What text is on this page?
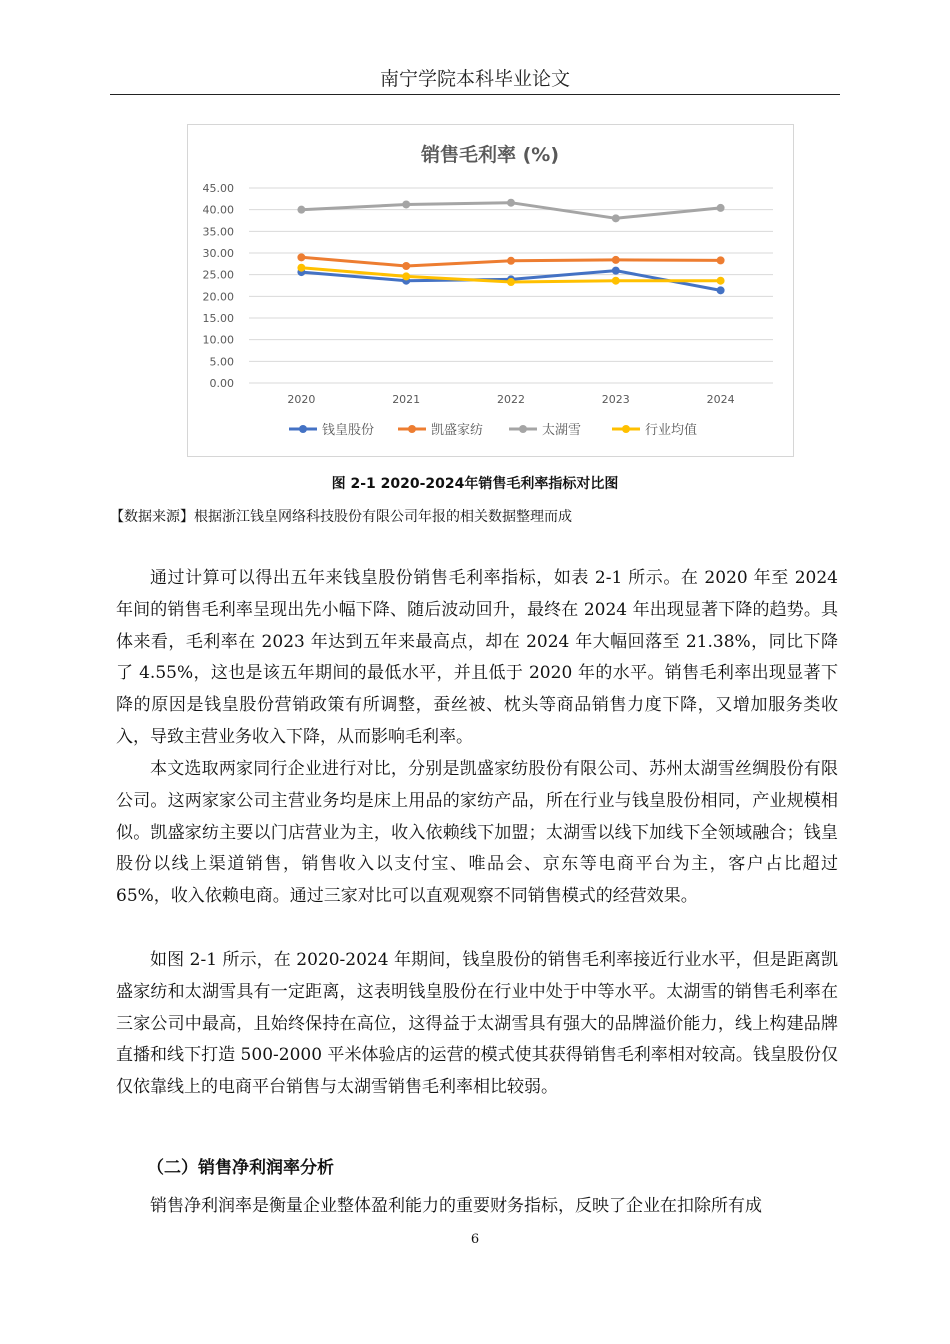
南宁学院本科毕业论文
销售毛利率 (%)
0.00
5.00
10.00
15.00
20.00
25.00
30.00
35.00
40.00
45.00
2020	2021	2022	2023	2024
钱皇股份	凯盛家纺	太湖雪	行业均值
图 2-1 2020-2024年销售毛利率指标对比图
【数据来源】根据浙江钱皇网络科技股份有限公司年报的相关数据整理而成

通过计算可以得出五年来钱皇股份销售毛利率指标，如表 2-1 所示。在 2020 年至 2024 年间的销售毛利率呈现出先小幅下降、随后波动回升，最终在 2024 年出现显著下降的趋势。具体来看，毛利率在 2023 年达到五年来最高点，却在 2024 年大幅回落至 21.38%，同比下降了 4.55%，这也是该五年期间的最低水平，并且低于 2020 年的水平。销售毛利率出现显著下降的原因是钱皇股份营销政策有所调整，蚕丝被、枕头等商品销售力度下降，又增加服务类收入，导致主营业务收入下降，从而影响毛利率。

本文选取两家同行企业进行对比，分别是凯盛家纺股份有限公司、苏州太湖雪丝绸股份有限公司。这两家家公司主营业务均是床上用品的家纺产品，所在行业与钱皇股份相同，产业规模相似。凯盛家纺主要以门店营业为主，收入依赖线下加盟；太湖雪以线下加线下全领域融合；钱皇股份以线上渠道销售，销售收入以支付宝、唯品会、京东等电商平台为主，客户占比超过 65%，收入依赖电商。通过三家对比可以直观观察不同销售模式的经营效果。

如图 2-1 所示，在 2020-2024 年期间，钱皇股份的销售毛利率接近行业水平，但是距离凯盛家纺和太湖雪具有一定距离，这表明钱皇股份在行业中处于中等水平。太湖雪的销售毛利率在三家公司中最高，且始终保持在高位，这得益于太湖雪具有强大的品牌溢价能力，线上构建品牌直播和线下打造 500-2000 平米体验店的运营的模式使其获得销售毛利率相对较高。钱皇股份仅仅依靠线上的电商平台销售与太湖雪销售毛利率相比较弱。

（二）销售净利润率分析

销售净利润率是衡量企业整体盈利能力的重要财务指标，反映了企业在扣除所有成

6
